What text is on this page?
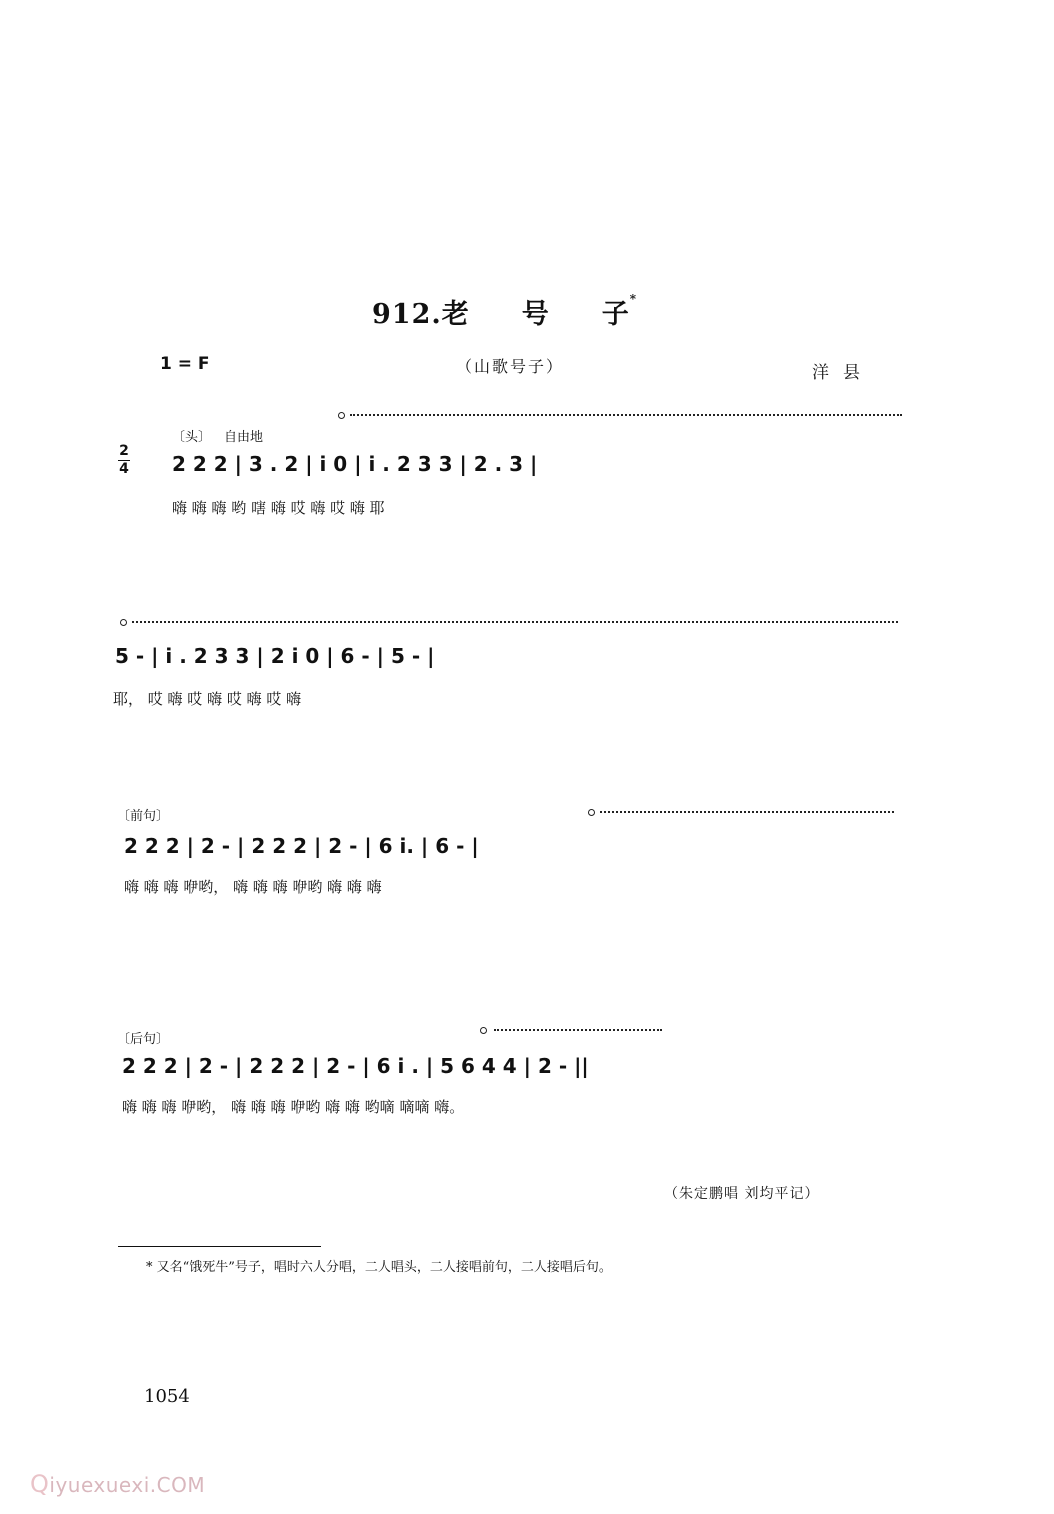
912.老 号 子*
1 = F	（山歌号子）	洋县
〔头〕 自由地
2
4 2 2 2 | 3 . 2 | i 0 | i . 2 3 3 | 2 . 3 |
嗨 嗨 嗨 哟 嗐 嗨 哎 嗨 哎 嗨 耶
5 - | i . 2 3 3 | 2 i 0 | 6 - | 5 - |
耶， 哎 嗨 哎 嗨 哎 嗨 哎 嗨
〔前句〕
2 2 2 | 2 - | 2 2 2 | 2 - | 6 i. | 6 - |
嗨 嗨 嗨 咿哟， 嗨 嗨 嗨 咿哟 嗨 嗨 嗨
〔后句〕
2 2 2 | 2 - | 2 2 2 | 2 - | 6 i . | 5 6 4 4 | 2 - ||
嗨 嗨 嗨 咿哟， 嗨 嗨 嗨 咿哟 嗨 嗨 哟嘀 嘀嘀 嗨。
（朱定鹏唱 刘均平记）
* 又名“饿死牛”号子，唱时六人分唱，二人唱头，二人接唱前句，二人接唱后句。
1054
Qiyuexuexi.COM
